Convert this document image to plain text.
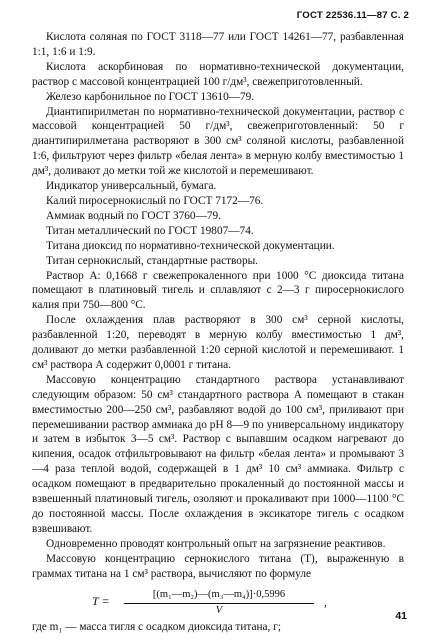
ГОСТ 22536.11—87 С. 2

Кислота соляная по ГОСТ 3118—77 или ГОСТ 14261—77, разбавленная 1:1, 1:6 и 1:9.

Кислота аскорбиновая по нормативно-технической документации, раствор с массовой концентрацией 100 г/дм³, свежеприготовленный.

Железо карбонильное по ГОСТ 13610—79.

Диантипирилметан по нормативно-технической документации, раствор с массовой концентрацией 50 г/дм³, свежеприготовленный: 50 г диантипирилметана растворяют в 300 см³ соляной кислоты, разбавленной 1:6, фильтруют через фильтр «белая лента» в мерную колбу вместимостью 1 дм³, доливают до метки той же кислотой и перемешивают.

Индикатор универсальный, бумага.

Калий пиросернокислый по ГОСТ 7172—76.

Аммиак водный по ГОСТ 3760—79.

Титан металлический по ГОСТ 19807—74.

Титана диоксид по нормативно-технической документации.

Титан сернокислый, стандартные растворы.

Раствор А: 0,1668 г свежепрокаленного при 1000 °С диоксида титана помещают в платиновый тигель и сплавляют с 2—3 г пиросернокислого калия при 750—800 °С.

После охлаждения плав растворяют в 300 см³ серной кислоты, разбавленной 1:20, переводят в мерную колбу вместимостью 1 дм³, доливают до метки разбавленной 1:20 серной кислотой и перемешивают. 1 см³ раствора А содержит 0,0001 г титана.

Массовую концентрацию стандартного раствора устанавливают следующим образом: 50 см³ стандартного раствора А помещают в стакан вместимостью 200—250 см³, разбавляют водой до 100 см³, приливают при перемешивании раствор аммиака до рН 8—9 по универсальному индикатору и затем в избыток 3—5 см³. Раствор с выпавшим осадком нагревают до кипения, осадок отфильтровывают на фильтр «белая лента» и промывают 3—4 раза теплой водой, содержащей в 1 дм³ 10 см³ аммиака. Фильтр с осадком помещают в предварительно прокаленный до постоянной массы и взвешенный платиновый тигель, озоляют и прокаливают при 1000—1100 °С до постоянной массы. После охлаждения в эксикаторе тигель с осадком взвешивают.

Одновременно проводят контрольный опыт на загрязнение реактивов.

Массовую концентрацию сернокислого титана (T), выраженную в граммах титана на 1 см³ раствора, вычисляют по формуле

$T = \frac{\text{[(m₁—m₂)—(m₃—m₄)]·0,5996}}{V}$ ,

где m₁ — масса тигля с осадком диоксида титана, г;

41
